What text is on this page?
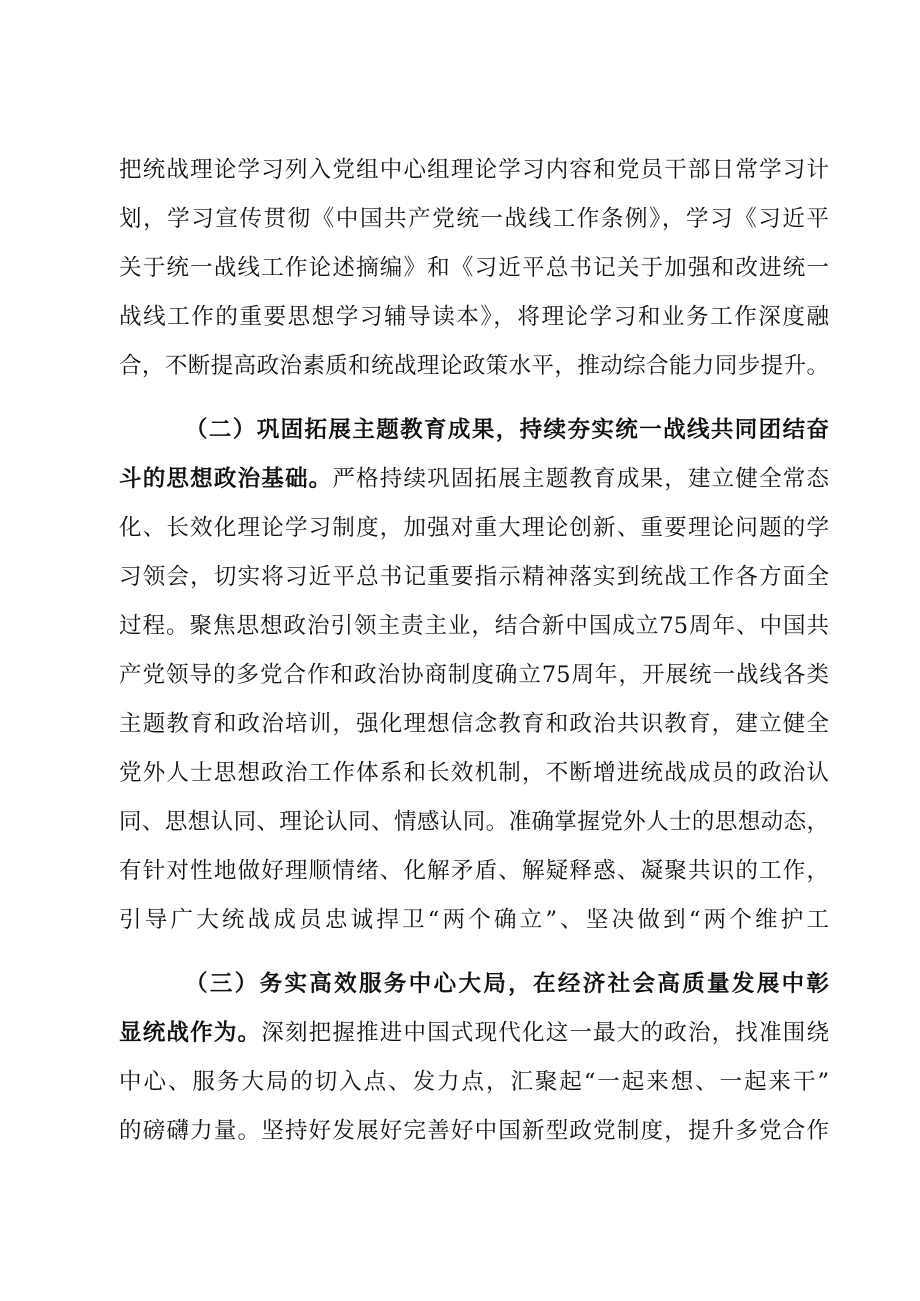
把统战理论学习列入党组中心组理论学习内容和党员干部日常学习计
划，学习宣传贯彻《中国共产党统一战线工作条例》，学习《习近平
关于统一战线工作论述摘编》和《习近平总书记关于加强和改进统一
战线工作的重要思想学习辅导读本》，将理论学习和业务工作深度融
合，不断提高政治素质和统战理论政策水平，推动综合能力同步提升。
（二）巩固拓展主题教育成果，持续夯实统一战线共同团结奋
斗的思想政治基础。严格持续巩固拓展主题教育成果，建立健全常态
化、长效化理论学习制度，加强对重大理论创新、重要理论问题的学
习领会，切实将习近平总书记重要指示精神落实到统战工作各方面全
过程。聚焦思想政治引领主责主业，结合新中国成立75周年、中国共
产党领导的多党合作和政治协商制度确立75周年，开展统一战线各类
主题教育和政治培训，强化理想信念教育和政治共识教育，建立健全
党外人士思想政治工作体系和长效机制，不断增进统战成员的政治认
同、思想认同、理论认同、情感认同。准确掌握党外人士的思想动态，
有针对性地做好理顺情绪、化解矛盾、解疑释惑、凝聚共识的工作，
引导广大统战成员忠诚捍卫“两个确立”、坚决做到“两个维护工
（三）务实高效服务中心大局，在经济社会高质量发展中彰
显统战作为。深刻把握推进中国式现代化这一最大的政治，找准围绕
中心、服务大局的切入点、发力点，汇聚起“一起来想、一起来干”
的磅礴力量。坚持好发展好完善好中国新型政党制度，提升多党合作
